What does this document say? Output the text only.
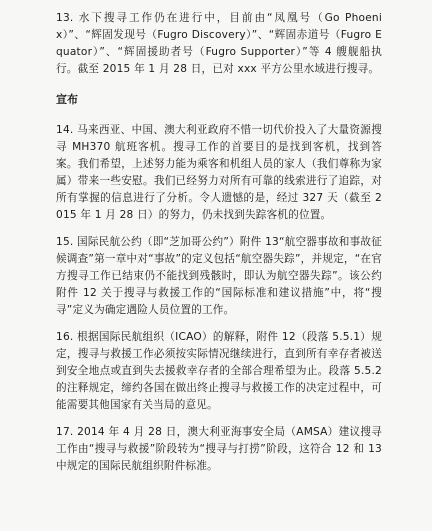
13. 水下搜寻工作仍在进行中，目前由“凤凰号（Go Phoenix）”、“辉固发现号（Fugro Discovery）”、“辉固赤道号（Fugro Equator）”、“辉固援助者号（Fugro Supporter）”等 4 艘舰船执行。截至 2015 年 1 月 28 日，已对 xxx 平方公里水域进行搜寻。

宣布

14. 马来西亚、中国、澳大利亚政府不惜一切代价投入了大量资源搜寻 MH370 航班客机。搜寻工作的首要目的是找到客机，找到答案。我们希望，上述努力能为乘客和机组人员的家人（我们尊称为家属）带来一些安慰。我们已经努力对所有可靠的线索进行了追踪，对所有掌握的信息进行了分析。令人遗憾的是，经过 327 天（截至 2015 年 1 月 28 日）的努力，仍未找到失踪客机的位置。

15. 国际民航公约（即“芝加哥公约”）附件 13“航空器事故和事故征候调查”第一章中对“事故”的定义包括“航空器失踪”，并规定，“在官方搜寻工作已结束仍不能找到残骸时，即认为航空器失踪”。该公约附件 12 关于搜寻与救援工作的“国际标准和建议措施”中，将“搜寻”定义为确定遇险人员位置的工作。

16. 根据国际民航组织（ICAO）的解释，附件 12（段落 5.5.1）规定，搜寻与救援工作必须按实际情况继续进行，直到所有幸存者被送到安全地点或直到失去援救幸存者的全部合理希望为止。段落 5.5.2 的注释规定，缔约各国在做出终止搜寻与救援工作的决定过程中，可能需要其他国家有关当局的意见。

17. 2014 年 4 月 28 日，澳大利亚海事安全局（AMSA）建议搜寻工作由“搜寻与救援”阶段转为“搜寻与打捞”阶段，这符合 12 和 13 中规定的国际民航组织附件标准。
